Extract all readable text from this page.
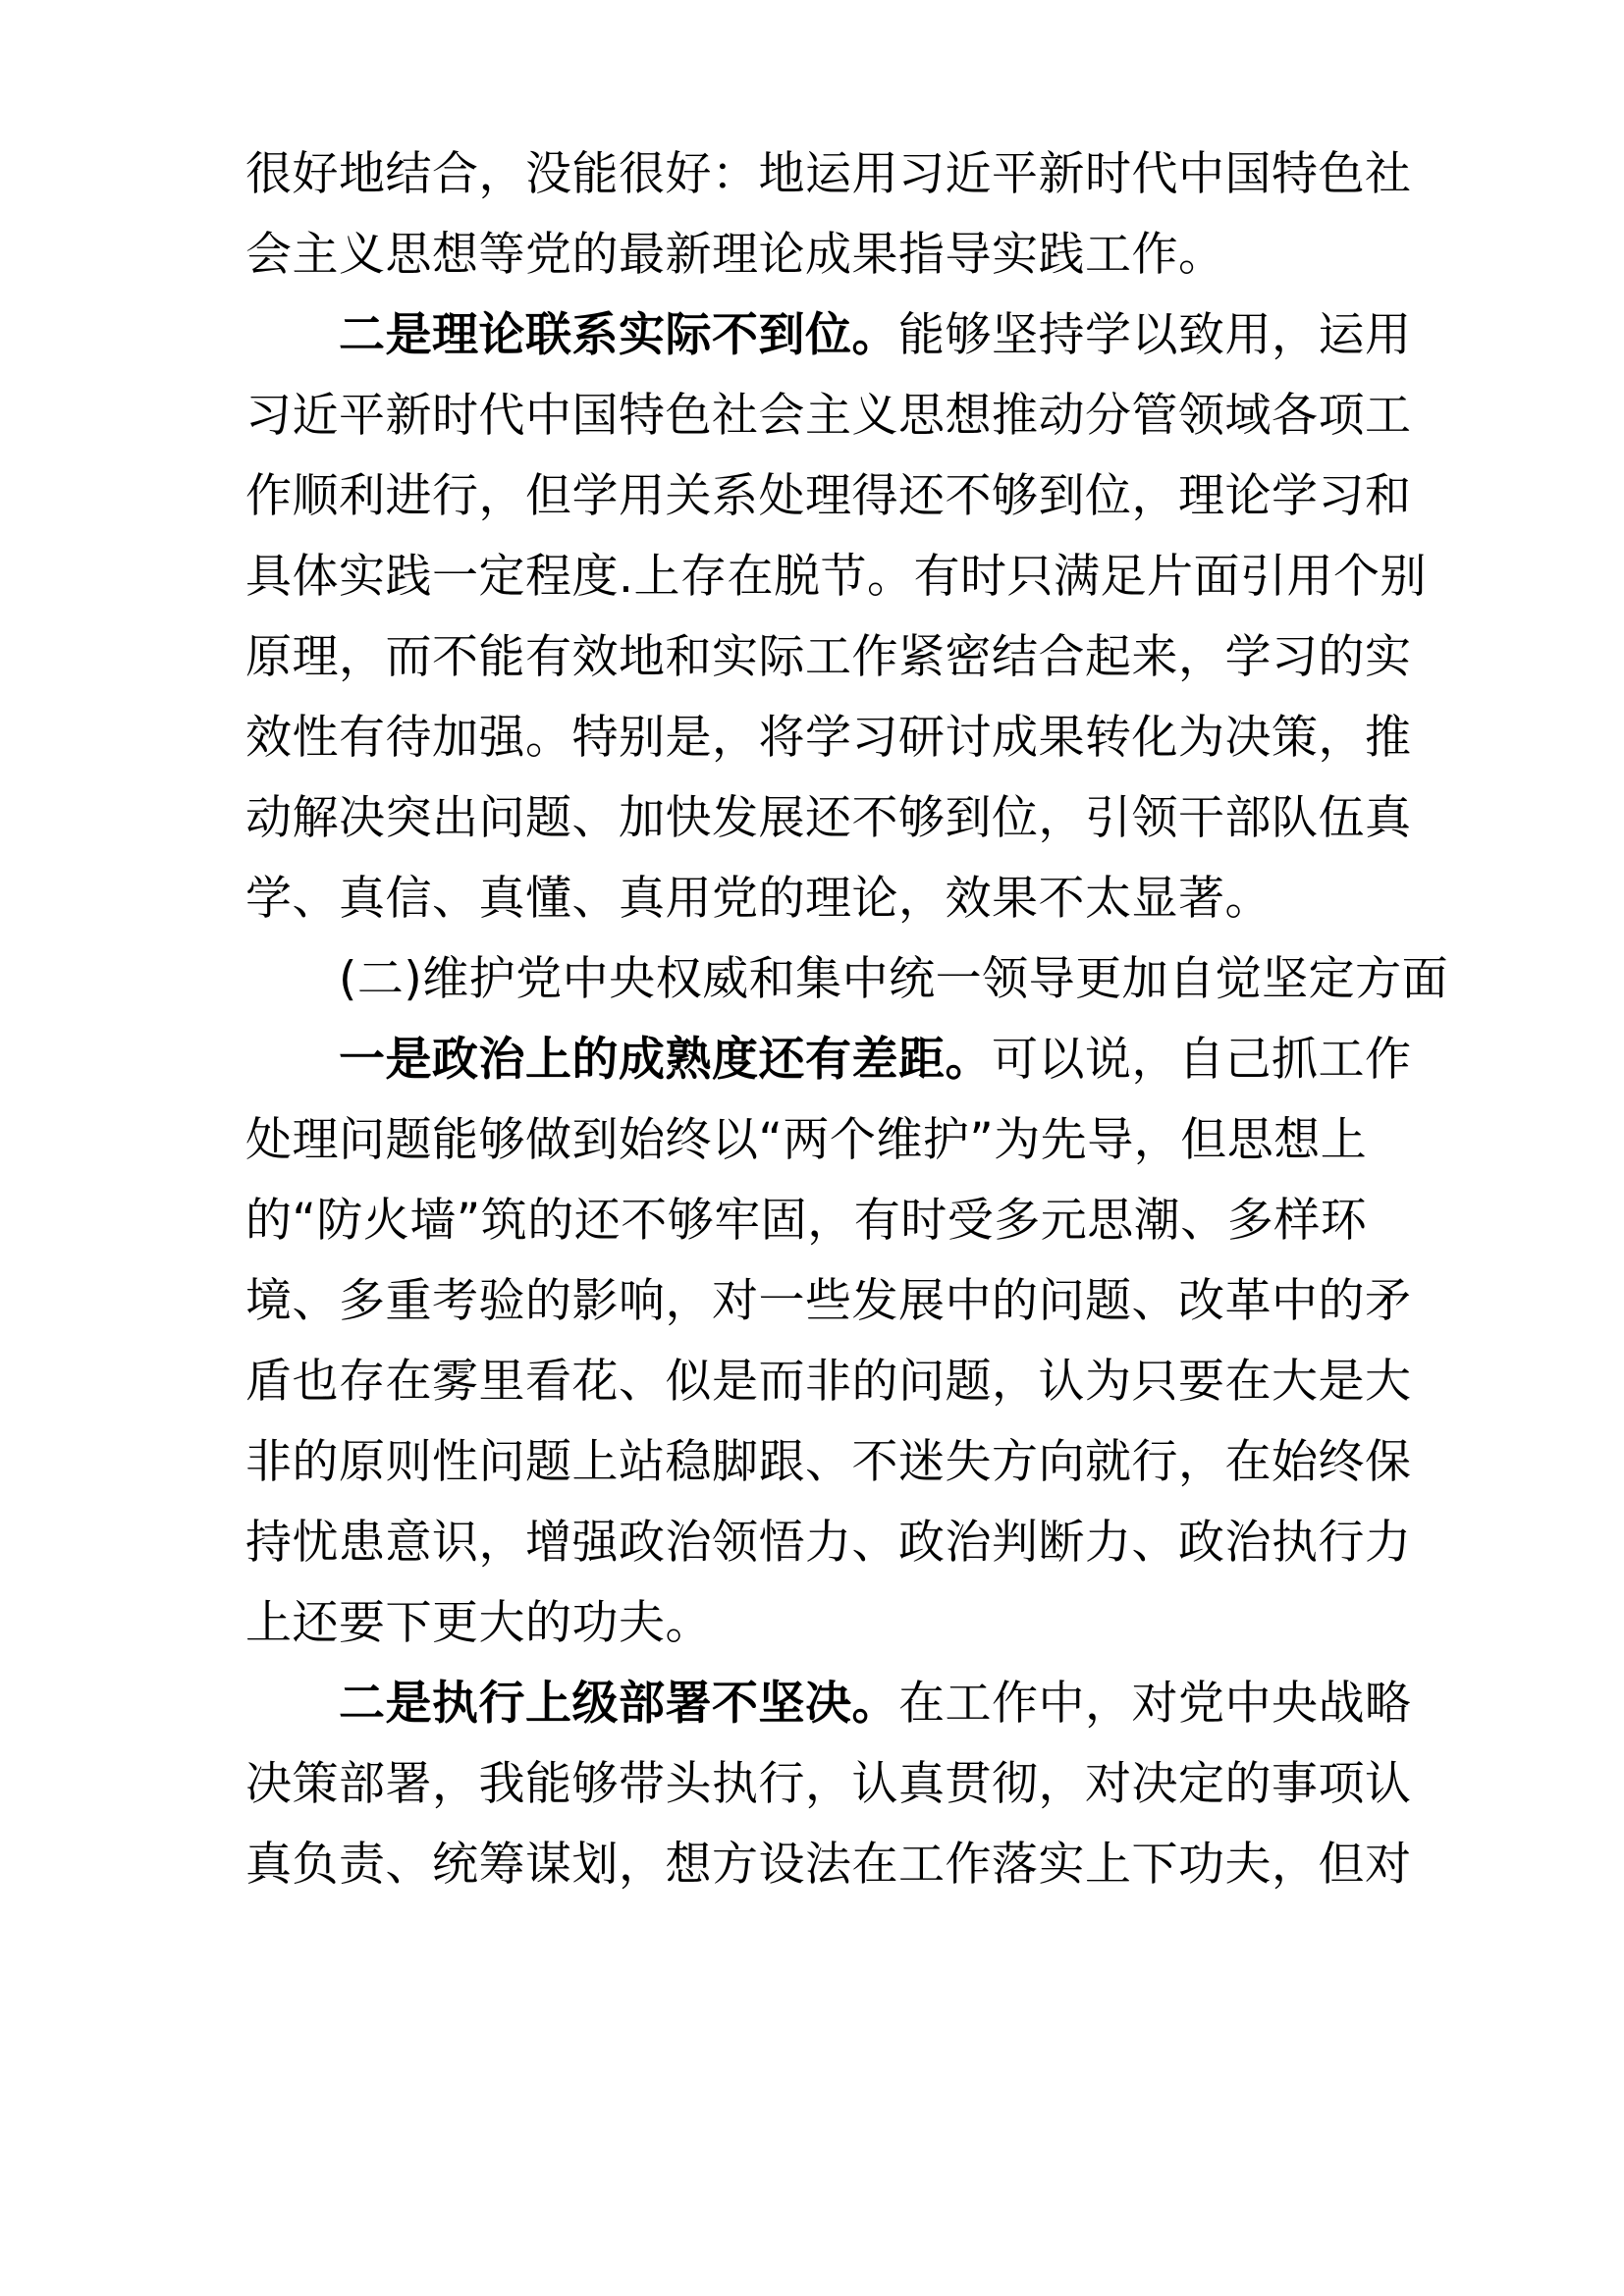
很好地结合，没能很好：地运用习近平新时代中国特色社
会主义思想等党的最新理论成果指导实践工作。
二是理论联系实际不到位。能够坚持学以致用，运用
习近平新时代中国特色社会主义思想推动分管领域各项工
作顺利进行，但学用关系处理得还不够到位，理论学习和
具体实践一定程度.上存在脱节。有时只满足片面引用个别
原理，而不能有效地和实际工作紧密结合起来，学习的实
效性有待加强。特别是，将学习研讨成果转化为决策，推
动解决突出问题、加快发展还不够到位，引领干部队伍真
学、真信、真懂、真用党的理论，效果不太显著。
(二)维护党中央权威和集中统一领导更加自觉坚定方面
一是政治上的成熟度还有差距。可以说，自己抓工作
处理问题能够做到始终以“两个维护”为先导，但思想上
的“防火墙”筑的还不够牢固，有时受多元思潮、多样环
境、多重考验的影响，对一些发展中的问题、改革中的矛
盾也存在雾里看花、似是而非的问题，认为只要在大是大
非的原则性问题上站稳脚跟、不迷失方向就行，在始终保
持忧患意识，增强政治领悟力、政治判断力、政治执行力
上还要下更大的功夫。
二是执行上级部署不坚决。在工作中，对党中央战略
决策部署，我能够带头执行，认真贯彻，对决定的事项认
真负责、统筹谋划，想方设法在工作落实上下功夫，但对
